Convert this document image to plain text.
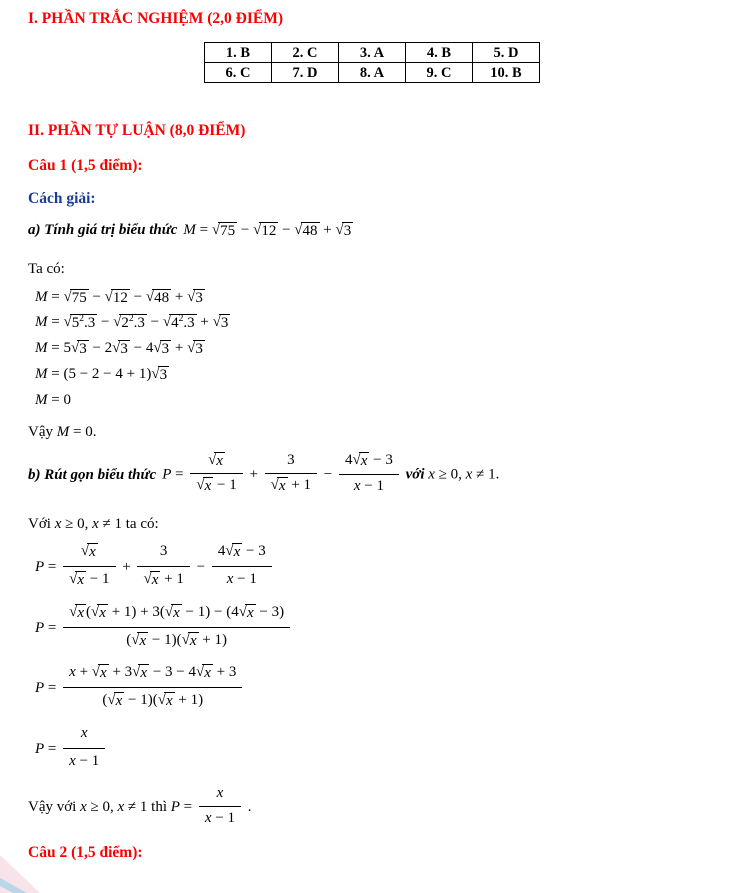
I. PHẦN TRẮC NGHIỆM (2,0 ĐIỂM)
1. B	2. C	3. A	4. B	5. D
6. C	7. D	8. A	9. C	10. B
II. PHẦN TỰ LUẬN (8,0 ĐIỂM)
Câu 1 (1,5 điểm):
Cách giải:
a) Tính giá trị biểu thức M = √ 75 − √ 12 − √ 48 + √ 3
Ta có:
M = √ 75 − √ 12 − √ 48 + √ 3
M = √ $5^2.3$ − √ $2^2.3$ − √ $4^2.3$ + √ 3
M = 5 √ 3 − 2 √ 3 − 4 √ 3 + √ 3
M = (5 − 2 − 4 + 1) √ 3
M = 0
Vậy M = 0.
b) Rút gọn biểu thức $P = \frac{√ x}{√ x - 1} + \frac{3}{√ x + 1} - \frac{4 √ x - 3}{x - 1}$ với x ≥ 0, x ≠ 1.
Với x ≥ 0, x ≠ 1 ta có:
$P = \frac{√ x}{√ x - 1} + \frac{3}{√ x + 1} - \frac{4 √ x - 3}{x - 1}$
$P = \frac{√ x ( √ x + 1) + 3( √ x - 1) - (4 √ x - 3)}{( √ x - 1)( √ x + 1)}$
$P = \frac{x + √ x + 3 √ x - 3 - 4 √ x + 3}{( √ x - 1)( √ x + 1)}$
$P = \frac{x}{x - 1}$
Vậy với x ≥ 0, x ≠ 1 thì $P = \frac{x}{x - 1}$ .
Câu 2 (1,5 điểm):
